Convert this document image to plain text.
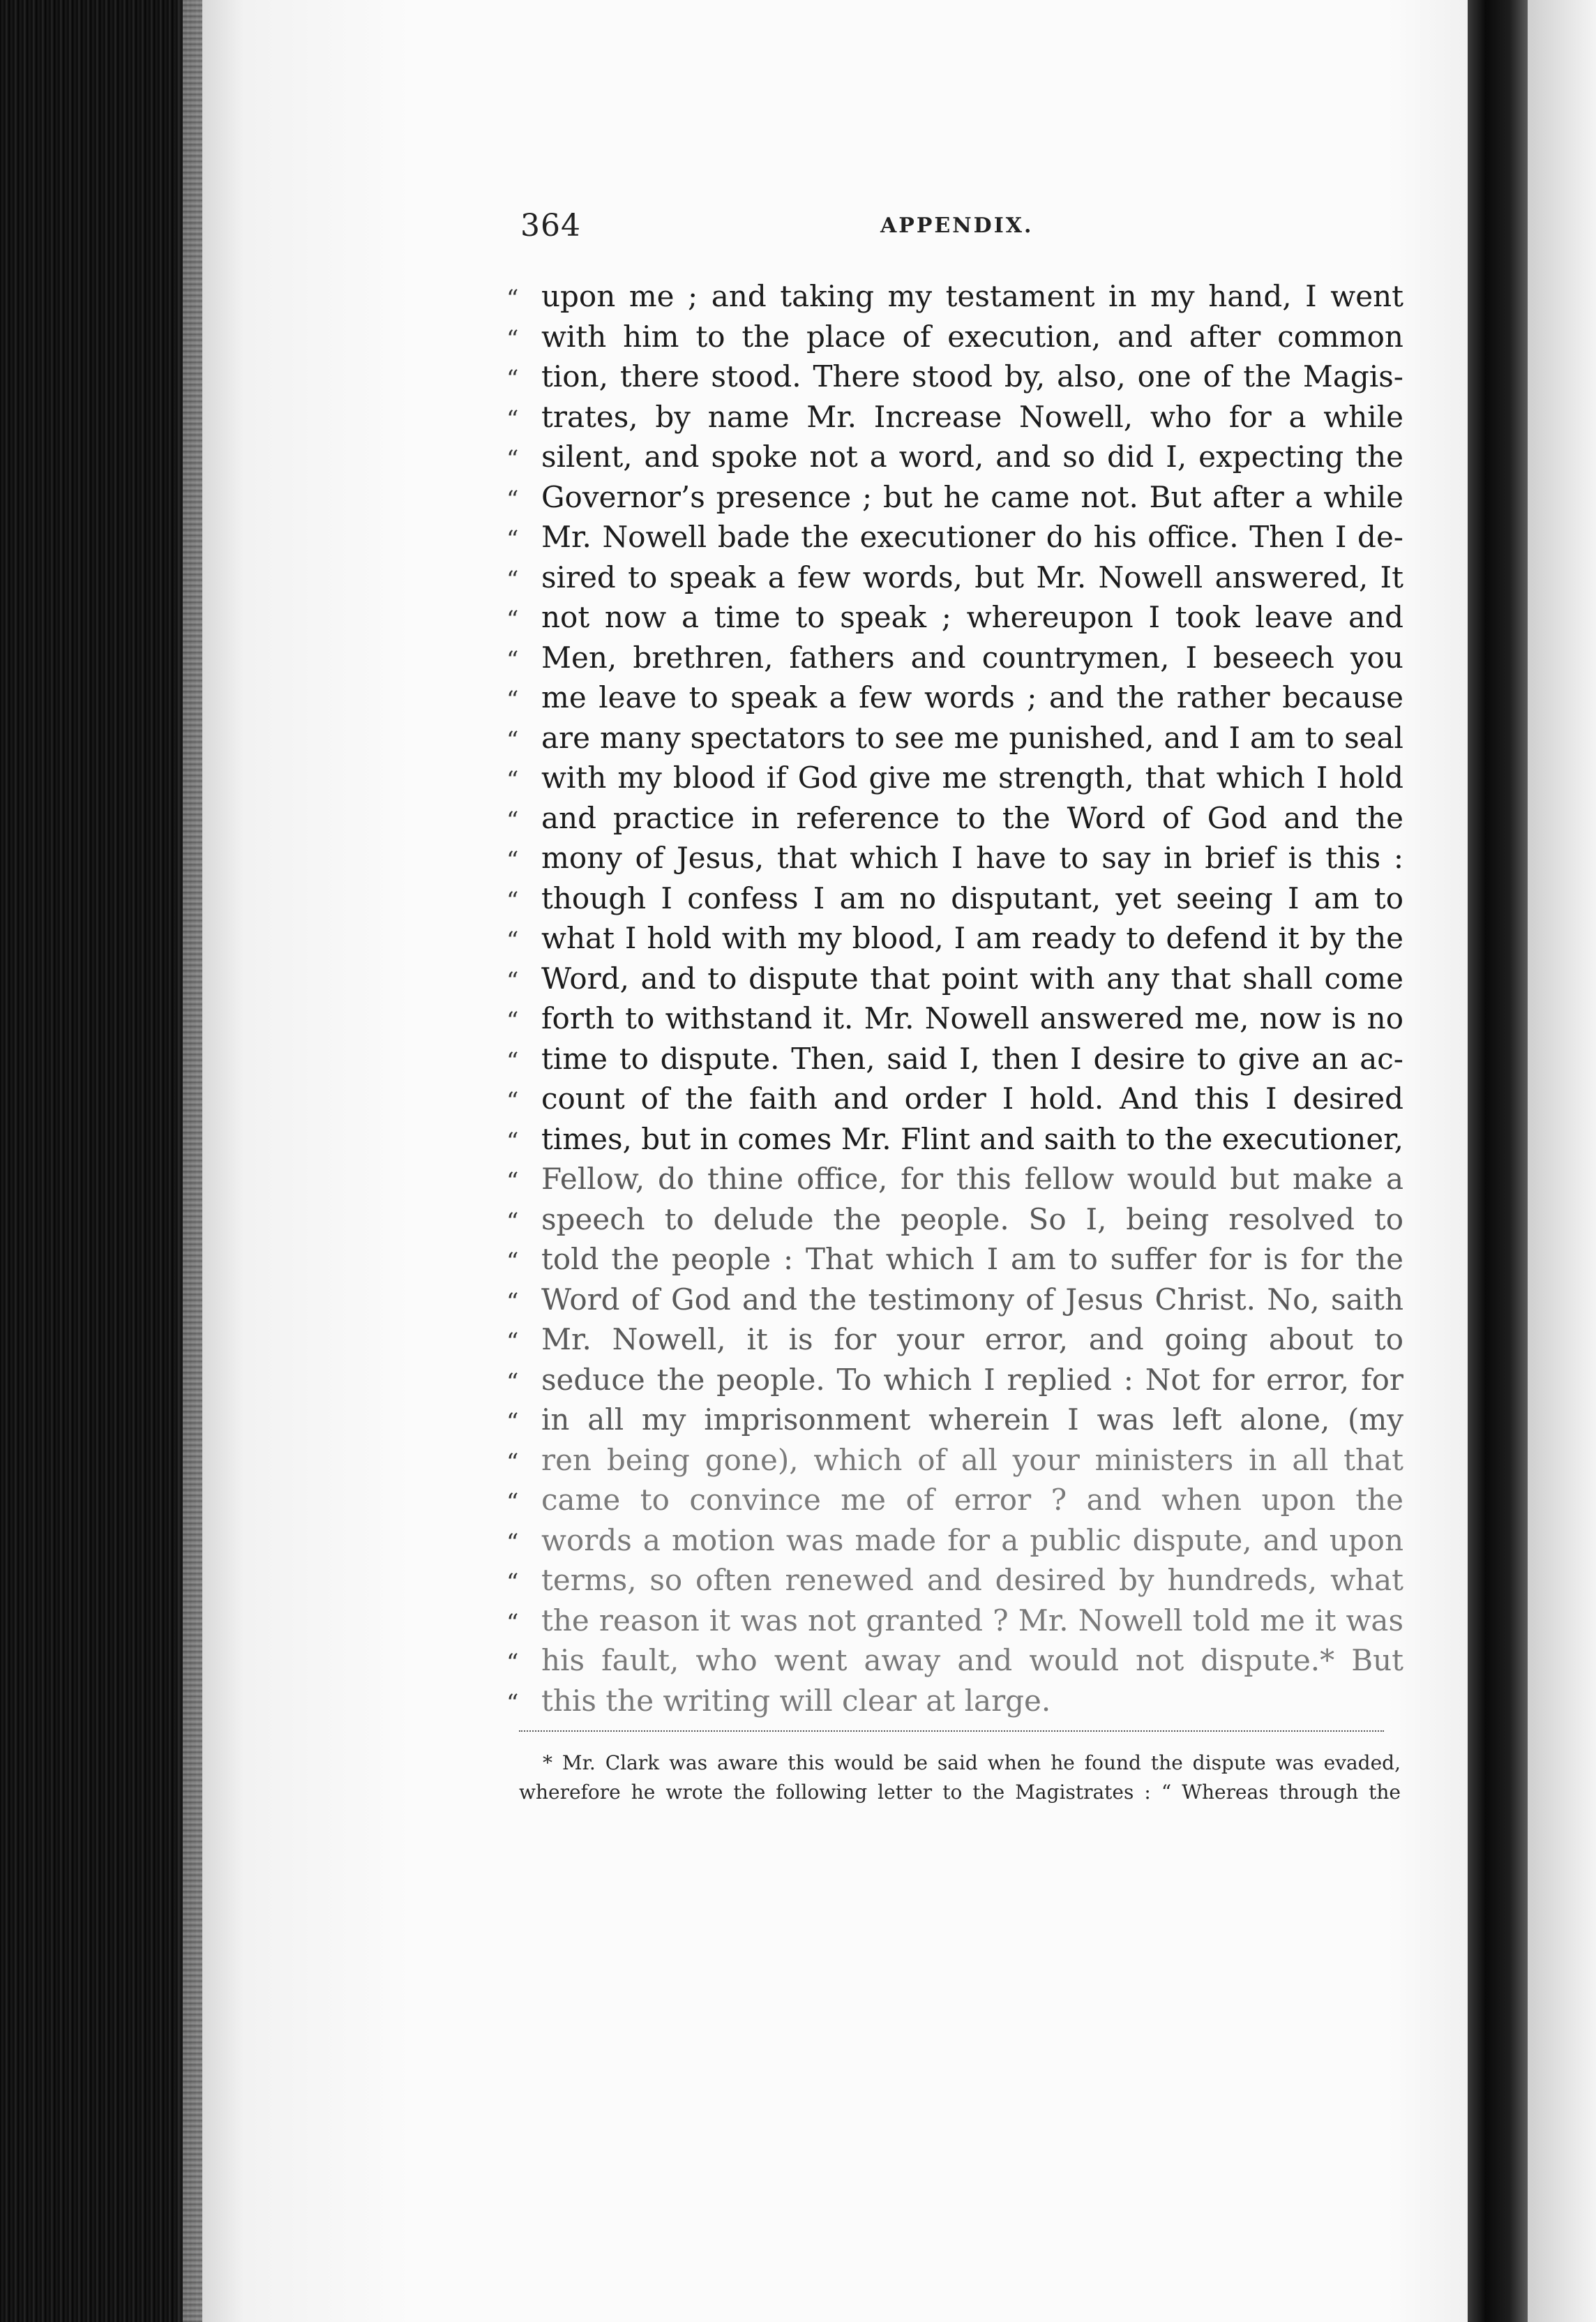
364	APPENDIX.
“ upon me ; and taking my testament in my hand, I went
“ with him to the place of execution, and after common
“ tion, there stood. There stood by, also, one of the Magis-
“ trates, by name Mr. Increase Nowell, who for a while
“ silent, and spoke not a word, and so did I, expecting the
“ Governor’s presence ; but he came not. But after a while
“ Mr. Nowell bade the executioner do his office. Then I de-
“ sired to speak a few words, but Mr. Nowell answered, It
“ not now a time to speak ; whereupon I took leave and
“ Men, brethren, fathers and countrymen, I beseech you
“ me leave to speak a few words ; and the rather because
“ are many spectators to see me punished, and I am to seal
“ with my blood if God give me strength, that which I hold
“ and practice in reference to the Word of God and the
“ mony of Jesus, that which I have to say in brief is this :
“ though I confess I am no disputant, yet seeing I am to
“ what I hold with my blood, I am ready to defend it by the
“ Word, and to dispute that point with any that shall come
“ forth to withstand it. Mr. Nowell answered me, now is no
“ time to dispute. Then, said I, then I desire to give an ac-
“ count of the faith and order I hold. And this I desired
“ times, but in comes Mr. Flint and saith to the executioner,
“ Fellow, do thine office, for this fellow would but make a
“ speech to delude the people. So I, being resolved to
“ told the people : That which I am to suffer for is for the
“ Word of God and the testimony of Jesus Christ. No, saith
“ Mr. Nowell, it is for your error, and going about to
“ seduce the people. To which I replied : Not for error, for
“ in all my imprisonment wherein I was left alone, (my
“ ren being gone), which of all your ministers in all that
“ came to convince me of error ? and when upon the
“ words a motion was made for a public dispute, and upon
“ terms, so often renewed and desired by hundreds, what
“ the reason it was not granted ? Mr. Nowell told me it was
“ his fault, who went away and would not dispute.* But
“ this the writing will clear at large.
* Mr. Clark was aware this would be said when he found the dispute was evaded,
wherefore he wrote the following letter to the Magistrates : “ Whereas through the
